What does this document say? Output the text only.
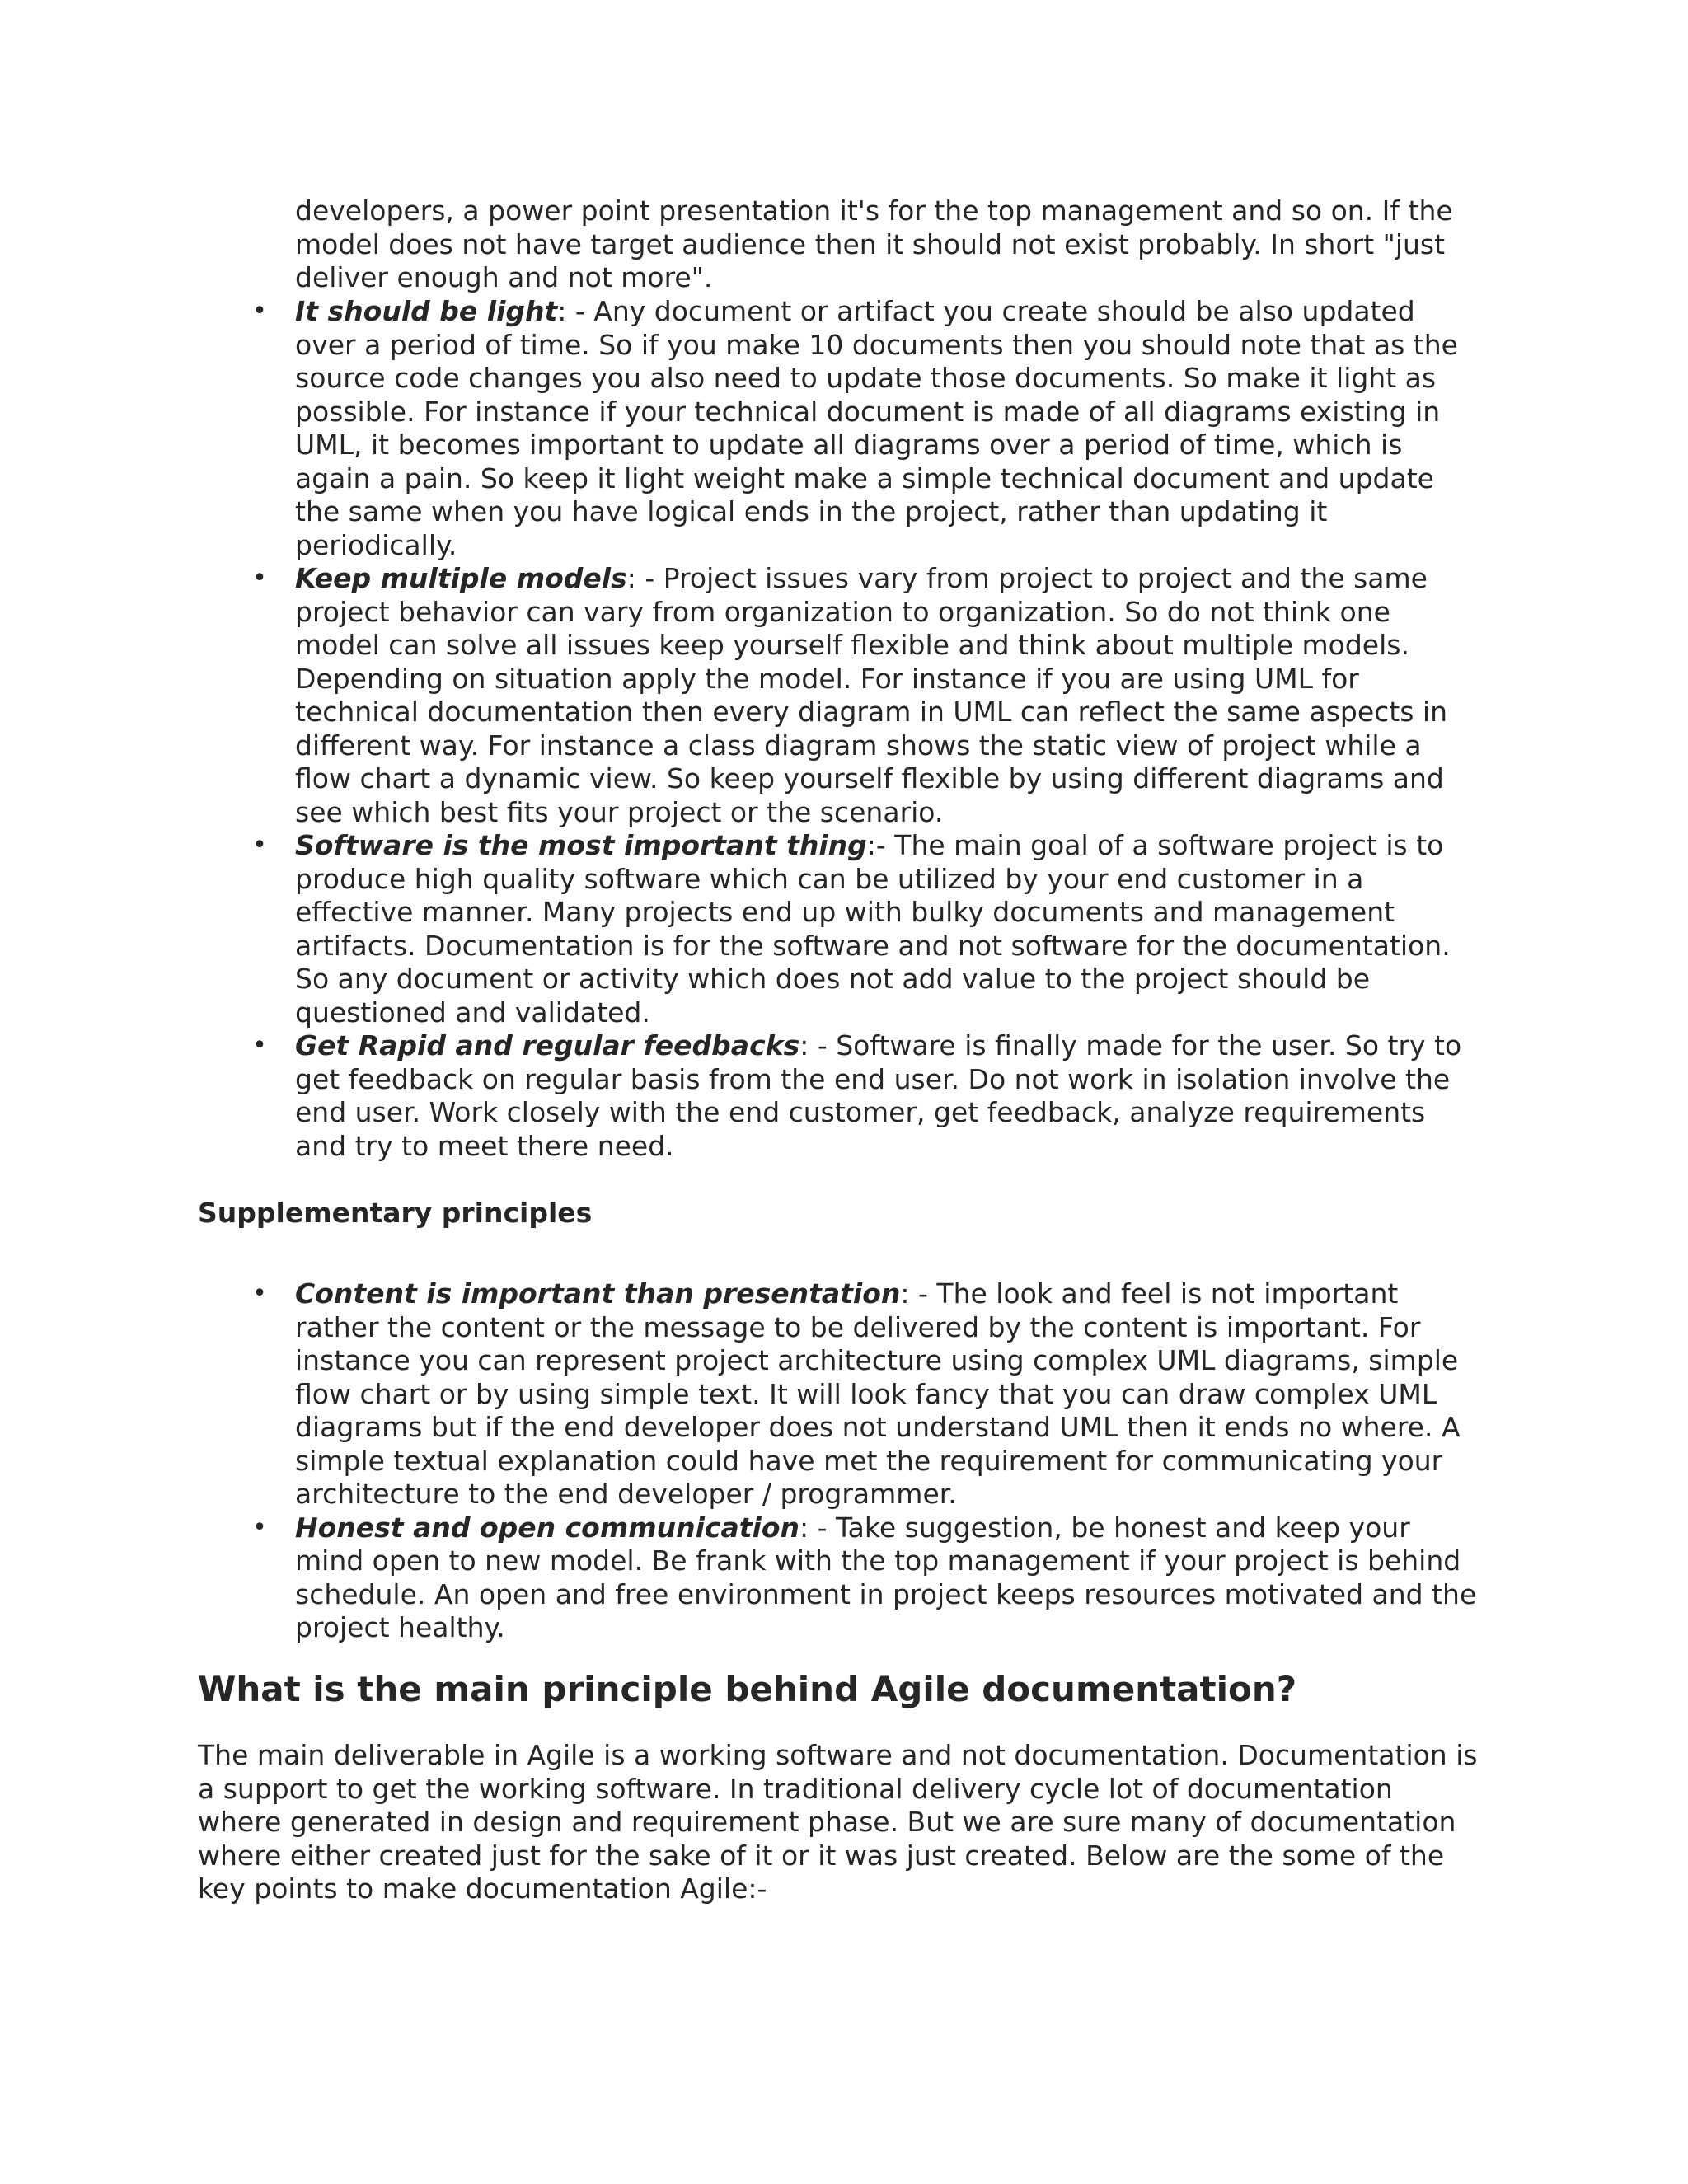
developers, a power point presentation it's for the top management and so on. If the model does not have target audience then it should not exist probably. In short "just deliver enough and not more".

• It should be light: - Any document or artifact you create should be also updated over a period of time. So if you make 10 documents then you should note that as the source code changes you also need to update those documents. So make it light as possible. For instance if your technical document is made of all diagrams existing in UML, it becomes important to update all diagrams over a period of time, which is again a pain. So keep it light weight make a simple technical document and update the same when you have logical ends in the project, rather than updating it periodically.
• Keep multiple models: - Project issues vary from project to project and the same project behavior can vary from organization to organization. So do not think one model can solve all issues keep yourself flexible and think about multiple models. Depending on situation apply the model. For instance if you are using UML for technical documentation then every diagram in UML can reflect the same aspects in different way. For instance a class diagram shows the static view of project while a flow chart a dynamic view. So keep yourself flexible by using different diagrams and see which best fits your project or the scenario.
• Software is the most important thing:- The main goal of a software project is to produce high quality software which can be utilized by your end customer in a effective manner. Many projects end up with bulky documents and management artifacts. Documentation is for the software and not software for the documentation. So any document or activity which does not add value to the project should be questioned and validated.
• Get Rapid and regular feedbacks: - Software is finally made for the user. So try to get feedback on regular basis from the end user. Do not work in isolation involve the end user. Work closely with the end customer, get feedback, analyze requirements and try to meet there need.
Supplementary principles
• Content is important than presentation: - The look and feel is not important rather the content or the message to be delivered by the content is important. For instance you can represent project architecture using complex UML diagrams, simple flow chart or by using simple text. It will look fancy that you can draw complex UML diagrams but if the end developer does not understand UML then it ends no where. A simple textual explanation could have met the requirement for communicating your architecture to the end developer / programmer.
• Honest and open communication: - Take suggestion, be honest and keep your mind open to new model. Be frank with the top management if your project is behind schedule. An open and free environment in project keeps resources motivated and the project healthy.
What is the main principle behind Agile documentation?

The main deliverable in Agile is a working software and not documentation. Documentation is a support to get the working software. In traditional delivery cycle lot of documentation where generated in design and requirement phase. But we are sure many of documentation where either created just for the sake of it or it was just created. Below are the some of the key points to make documentation Agile:-
